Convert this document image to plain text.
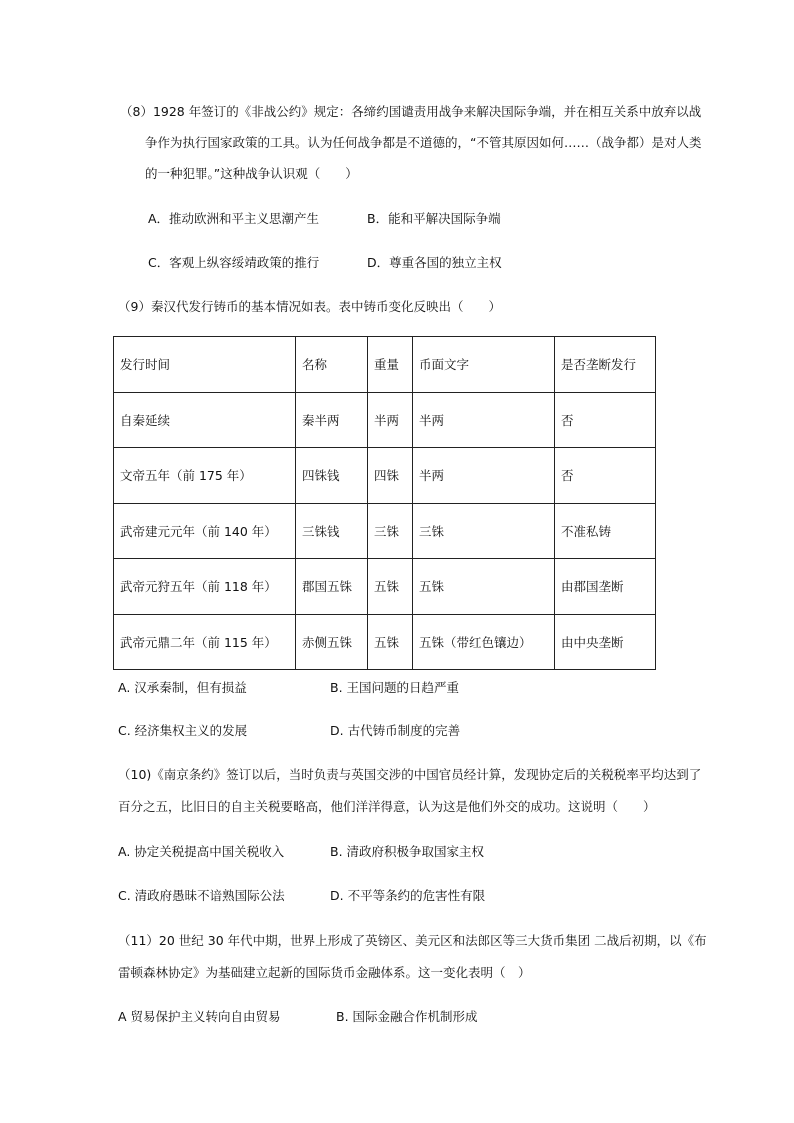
（8）1928 年签订的《非战公约》规定：各缔约国谴责用战争来解决国际争端，并在相互关系中放弃以战
争作为执行国家政策的工具。认为任何战争都是不道德的，“不管其原因如何……（战争都）是对人类
的一种犯罪。”这种战争认识观（　　）
A．推动欧洲和平主义思潮产生	B．能和平解决国际争端
C．客观上纵容绥靖政策的推行	D．尊重各国的独立主权
（9）秦汉代发行铸币的基本情况如表。表中铸币变化反映出（　　）
发行时间	名称	重量	币面文字	是否垄断发行
自秦延续	秦半两	半两	半两	否
文帝五年（前 175 年）	四铢钱	四铢	半两	否
武帝建元元年（前 140 年）	三铢钱	三铢	三铢	不准私铸
武帝元狩五年（前 118 年）	郡国五铢	五铢	五铢	由郡国垄断
武帝元鼎二年（前 115 年）	赤侧五铢	五铢	五铢（带红色镶边）	由中央垄断
A. 汉承秦制，但有损益	B. 王国问题的日趋严重
C. 经济集权主义的发展	D. 古代铸币制度的完善
（10)《南京条约》签订以后，当时负责与英国交涉的中国官员经计算，发现协定后的关税税率平均达到了
百分之五，比旧日的自主关税要略高，他们洋洋得意，认为这是他们外交的成功。这说明（　　）
A. 协定关税提高中国关税收入	B. 清政府积极争取国家主权
C. 清政府愚昧不谙熟国际公法	D. 不平等条约的危害性有限
（11）20 世纪 30 年代中期，世界上形成了英镑区、美元区和法郎区等三大货币集团 二战后初期，以《布
雷顿森林协定》为基础建立起新的国际货币金融体系。这一变化表明（　）
A 贸易保护主义转向自由贸易	B. 国际金融合作机制形成
